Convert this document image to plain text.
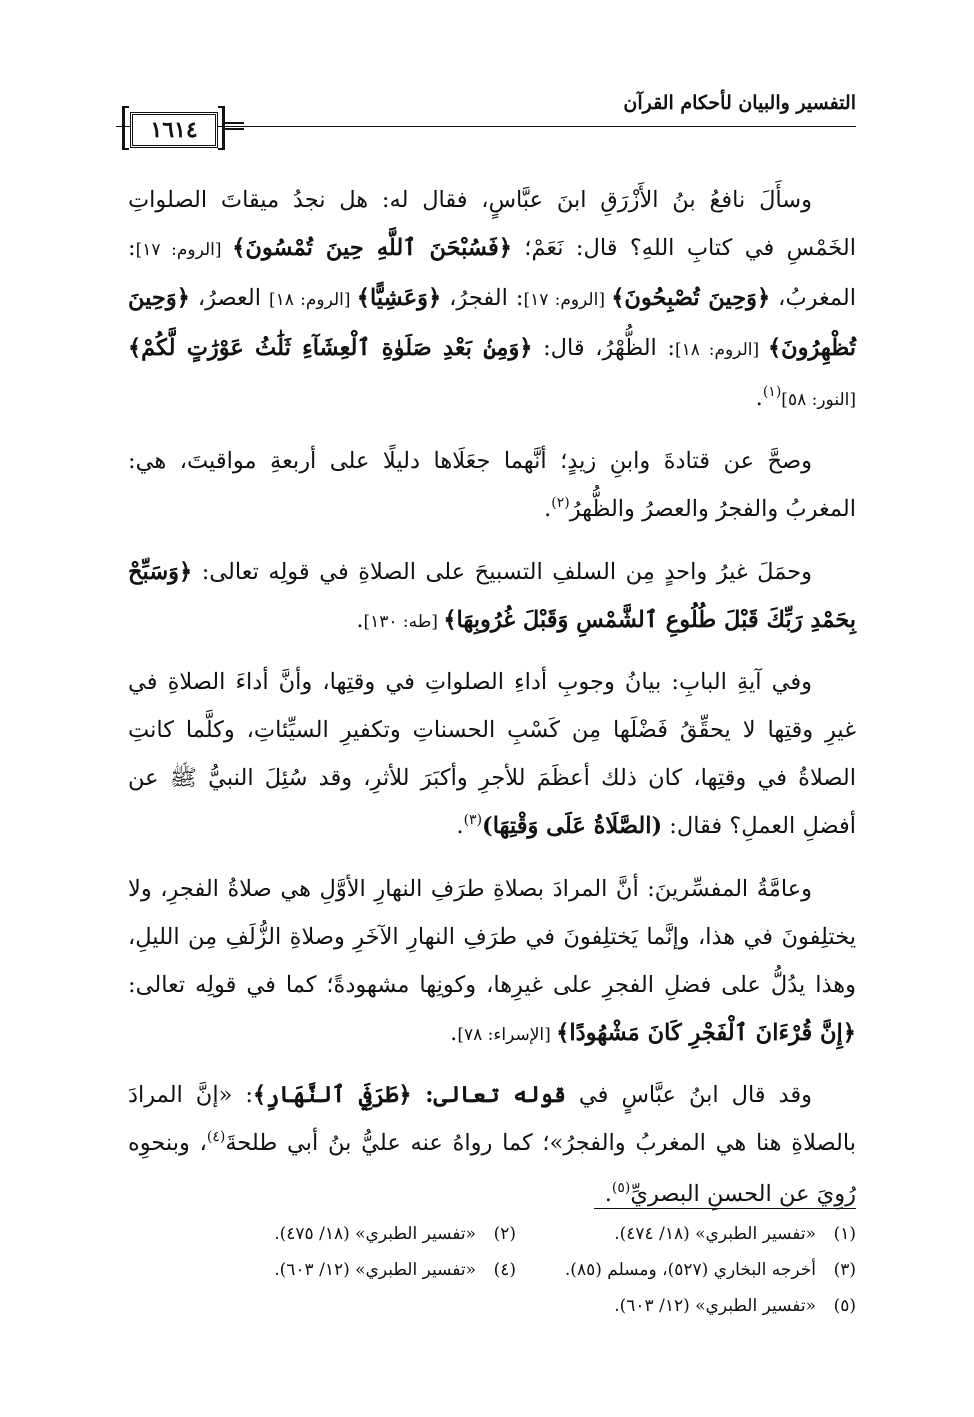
التفسير والبيان لأحكام القرآن
١٦١٤

وسأَلَ نافعُ بنُ الأَزْرَقِ ابنَ عبَّاسٍ، فقال له: هل نجدُ ميقاتَ الصلواتِ الخَمْسِ في كتابِ اللهِ؟ قال: نَعَمْ؛ ﴿فَسُبْحَنَ ٱللَّهِ حِينَ تُمْسُونَ﴾ [الروم: ١٧]: المغربُ، ﴿وَحِينَ تُصْبِحُونَ﴾ [الروم: ١٧]: الفجرُ، ﴿وَعَشِيًّا﴾ [الروم: ١٨] العصرُ، ﴿وَحِينَ تُظْهِرُونَ﴾ [الروم: ١٨]: الظُّهْرُ، قال: ﴿وَمِنۢ بَعْدِ صَلَوٰةِ ٱلْعِشَآءِ ثَلَٰثُ عَوْرَٰتٍ لَّكُمْ﴾ [النور: ٥٨]$^{(١)}$.

وصحَّ عن قتادةَ وابنِ زيدٍ؛ أنَّهما جعَلَاها دليلًا على أربعةِ مواقيتَ، هي: المغربُ والفجرُ والعصرُ والظُّهرُ$^{(٢)}$.

وحمَلَ غيرُ واحدٍ مِن السلفِ التسبيحَ على الصلاةِ في قولِه تعالى: ﴿وَسَبِّحْ بِحَمْدِ رَبِّكَ قَبْلَ طُلُوعِ ٱلشَّمْسِ وَقَبْلَ غُرُوبِهَا﴾ [طه: ١٣٠].

وفي آيةِ البابِ: بيانُ وجوبِ أداءِ الصلواتِ في وقتِها، وأنَّ أداءَ الصلاةِ في غيرِ وقتِها لا يحقِّقُ فَضْلَها مِن كَسْبِ الحسناتِ وتكفيرِ السيِّئاتِ، وكلَّما كانتِ الصلاةُ في وقتِها، كان ذلك أعظَمَ للأجرِ وأكبَرَ للأثرِ، وقد سُئِلَ النبيُّ ﷺ عن أفضلِ العملِ؟ فقال: (الصَّلَاةُ عَلَى وَقْتِهَا)$^{(٣)}$.

وعامَّةُ المفسِّرينَ: أنَّ المرادَ بصلاةِ طرَفِ النهارِ الأوَّلِ هي صلاةُ الفجرِ، ولا يختلِفونَ في هذا، وإنَّما يَختلِفونَ في طرَفِ النهارِ الآخَرِ وصلاةِ الزُّلَفِ مِن الليلِ، وهذا يدُلُّ على فضلِ الفجرِ على غيرِها، وكونِها مشهودةً؛ كما في قولِه تعالى: ﴿إِنَّ قُرْءَانَ ٱلْفَجْرِ كَانَ مَشْهُودًا﴾ [الإسراء: ٧٨].

وقد قال ابنُ عبَّاسٍ في قوله تعالى: ﴿طَرَفَيِ ٱلنَّهَارِ﴾: «إنَّ المرادَ بالصلاةِ هنا هي المغربُ والفجرُ»؛ كما رواهُ عنه عليُّ بنُ أبي طلحةَ$^{(٤)}$، وبنحوِه رُوِيَ عن الحسنِ البصريِّ$^{(٥)}$.

(١)«تفسير الطبري» (١٨/ ٤٧٤).
(٢)«تفسير الطبري» (١٨/ ٤٧٥).
(٣)أخرجه البخاري (٥٢٧)، ومسلم (٨٥).
(٤)«تفسير الطبري» (١٢/ ٦٠٣).
(٥)«تفسير الطبري» (١٢/ ٦٠٣).
